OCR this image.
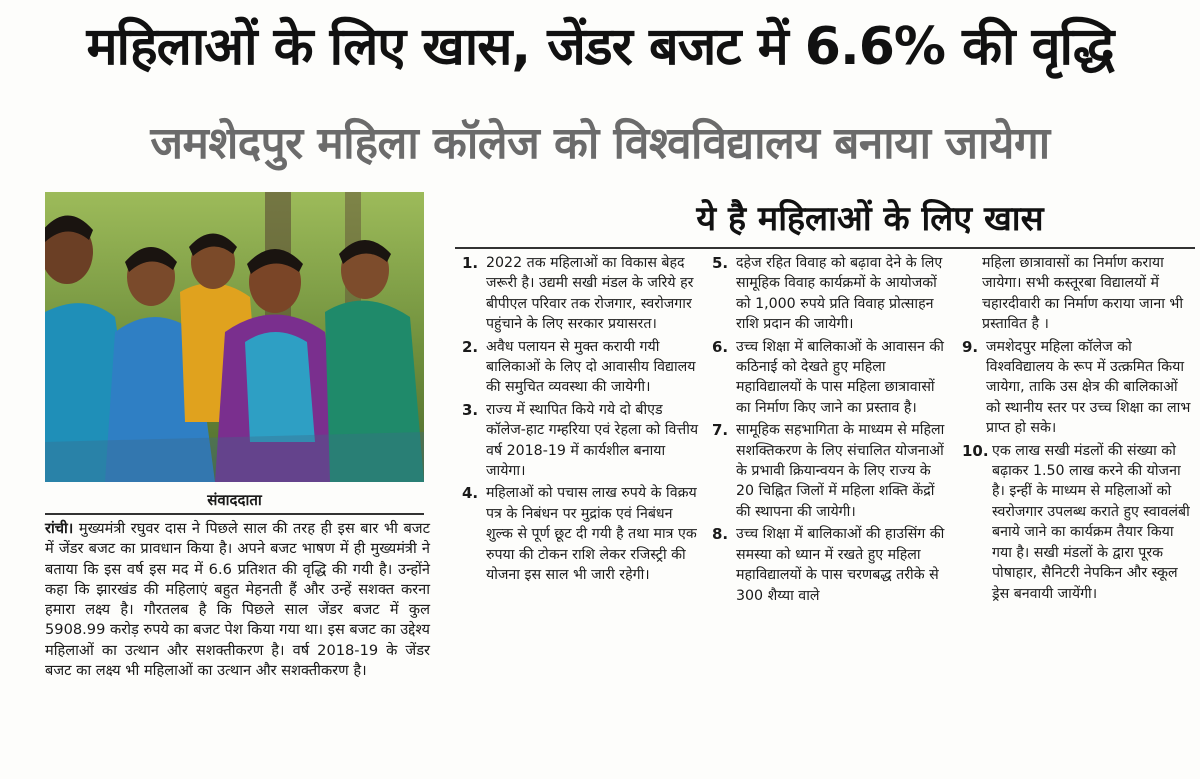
महिलाओं के लिए खास, जेंडर बजट में 6.6% की वृद्धि
जमशेदपुर महिला कॉलेज को विश्वविद्यालय बनाया जायेगा
संवाददाता
रांची। मुख्यमंत्री रघुवर दास ने पिछले साल की तरह ही इस बार भी बजट में जेंडर बजट का प्रावधान किया है। अपने बजट भाषण में ही मुख्यमंत्री ने बताया कि इस वर्ष इस मद में 6.6 प्रतिशत की वृद्धि की गयी है। उन्होंने कहा कि झारखंड की महिलाएं बहुत मेहनती हैं और उन्हें सशक्त करना हमारा लक्ष्य है। गौरतलब है कि पिछले साल जेंडर बजट में कुल 5908.99 करोड़ रुपये का बजट पेश किया गया था। इस बजट का उद्देश्य महिलाओं का उत्थान और सशक्तीकरण है। वर्ष 2018-19 के जेंडर बजट का लक्ष्य भी महिलाओं का उत्थान और सशक्तीकरण है।
ये है महिलाओं के लिए खास
1. 2022 तक महिलाओं का विकास बेहद जरूरी है। उद्यमी सखी मंडल के जरिये हर बीपीएल परिवार तक रोजगार, स्वरोजगार पहुंचाने के लिए सरकार प्रयासरत।
2. अवैध पलायन से मुक्त करायी गयी बालिकाओं के लिए दो आवासीय विद्यालय की समुचित व्यवस्था की जायेगी।
3. राज्य में स्थापित किये गये दो बीएड कॉलेज-हाट गम्हरिया एवं रेहला को वित्तीय वर्ष 2018-19 में कार्यशील बनाया जायेगा।
4. महिलाओं को पचास लाख रुपये के विक्रय पत्र के निबंधन पर मुद्रांक एवं निबंधन शुल्क से पूर्ण छूट दी गयी है तथा मात्र एक रुपया की टोकन राशि लेकर रजिस्ट्री की योजना इस साल भी जारी रहेगी।
5. दहेज रहित विवाह को बढ़ावा देने के लिए सामूहिक विवाह कार्यक्रमों के आयोजकों को 1,000 रुपये प्रति विवाह प्रोत्साहन राशि प्रदान की जायेगी।
6. उच्च शिक्षा में बालिकाओं के आवासन की कठिनाई को देखते हुए महिला महाविद्यालयों के पास महिला छात्रावासों का निर्माण किए जाने का प्रस्ताव है।
7. सामूहिक सहभागिता के माध्यम से महिला सशक्तिकरण के लिए संचालित योजनाओं के प्रभावी क्रियान्वयन के लिए राज्य के 20 चिह्नित जिलों में महिला शक्ति केंद्रों की स्थापना की जायेगी।
8. उच्च शिक्षा में बालिकाओं की हाउसिंग की समस्या को ध्यान में रखते हुए महिला महाविद्यालयों के पास चरणबद्ध तरीके से 300 शैय्या वाले
महिला छात्रावासों का निर्माण कराया जायेगा। सभी कस्तूरबा विद्यालयों में चहारदीवारी का निर्माण कराया जाना भी प्रस्तावित है ।
9. जमशेदपुर महिला कॉलेज को विश्वविद्यालय के रूप में उत्क्रमित किया जायेगा, ताकि उस क्षेत्र की बालिकाओं को स्थानीय स्तर पर उच्च शिक्षा का लाभ प्राप्त हो सके।
10. एक लाख सखी मंडलों की संख्या को बढ़ाकर 1.50 लाख करने की योजना है। इन्हीं के माध्यम से महिलाओं को स्वरोजगार उपलब्ध कराते हुए स्वावलंबी बनाये जाने का कार्यक्रम तैयार किया गया है। सखी मंडलों के द्वारा पूरक पोषाहार, सैनिटरी नेपकिन और स्कूल ड्रेस बनवायी जायेंगी।
